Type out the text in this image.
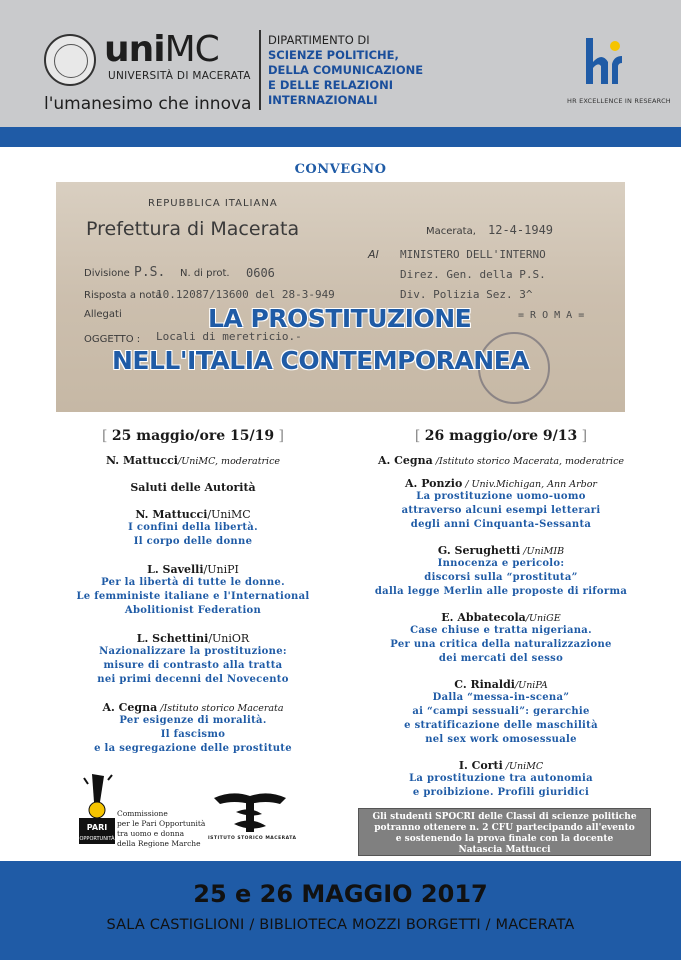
uniMC
UNIVERSITÀ DI MACERATA
l'umanesimo che innova
DIPARTIMENTO DI
SCIENZE POLITICHE,
DELLA COMUNICAZIONE
E DELLE RELAZIONI
INTERNAZIONALI	HR EXCELLENCE IN RESEARCH
CONVEGNO
REPUBBLICA ITALIANA
Prefettura di Macerata	Macerata, 12-4-1949
Al MINISTERO DELL'INTERNO
Divisione P.S. N. di prot. 0606	Direz. Gen. della P.S.
Risposta a nota
10.12087/13600 del 28-3-949	Div. Polizia Sez. 3^
Allegati	= R O M A =
OGGETTO : Locali di meretricio.-
LA PROSTITUZIONE
NELL'ITALIA CONTEMPORANEA
[ 25 maggio/ore 15/19 ]
N. Mattucci/UniMC, moderatrice
Saluti delle Autorità
N. Mattucci/UniMC
I confini della libertà.
Il corpo delle donne
L. Savelli/UniPI
Per la libertà di tutte le donne.
Le femministe italiane e l'International
Abolitionist Federation
L. Schettini/UniOR
Nazionalizzare la prostituzione:
misure di contrasto alla tratta
nei primi decenni del Novecento
A. Cegna /Istituto storico Macerata
Per esigenze di moralità.
Il fascismo
e la segregazione delle prostitute
[ 26 maggio/ore 9/13 ]
A. Cegna /Istituto storico Macerata, moderatrice
A. Ponzio / Univ.Michigan, Ann Arbor
La prostituzione uomo-uomo
attraverso alcuni esempi letterari
degli anni Cinquanta-Sessanta
G. Serughetti /UniMIB
Innocenza e pericolo:
discorsi sulla “prostituta”
dalla legge Merlin alle proposte di riforma
E. Abbatecola/UniGE
Case chiuse e tratta nigeriana.
Per una critica della naturalizzazione
dei mercati del sesso
C. Rinaldi/UniPA
Dalla “messa-in-scena”
ai “campi sessuali”: gerarchie
e stratificazione delle maschilità
nel sex work omosessuale
I. Corti /UniMC
La prostituzione tra autonomia
e proibizione. Profili giuridici
Gli studenti SPOCRI delle Classi di scienze politiche
potranno ottenere n. 2 CFU partecipando all'evento
e sostenendo la prova finale con la docente
Natascia Mattucci
PARI
OPPORTUNITÀ
Commissione
per le Pari Opportunità
tra uomo e donna
della Regione Marche
ISTITUTO STORICO MACERATA
25 e 26 MAGGIO 2017
SALA CASTIGLIONI / BIBLIOTECA MOZZI BORGETTI / MACERATA
